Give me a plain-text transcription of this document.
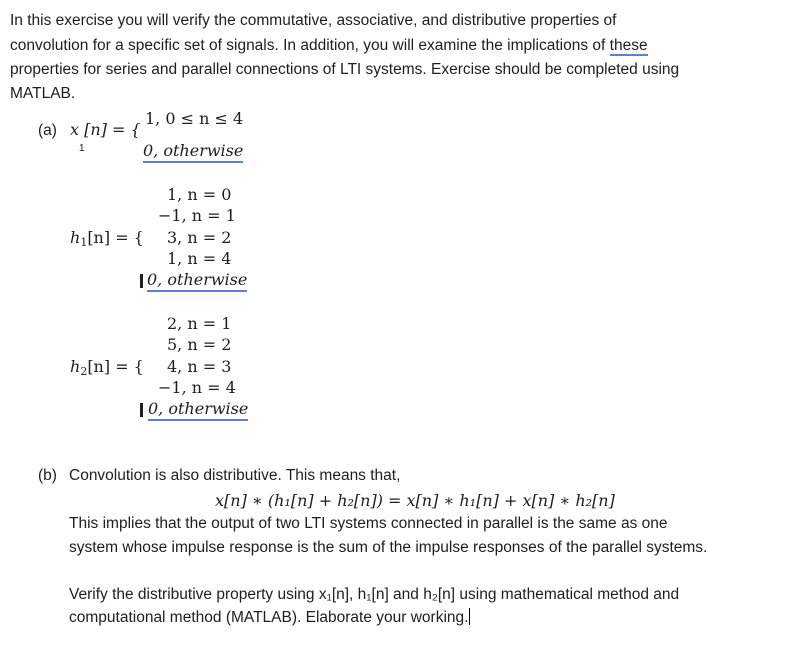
In this exercise you will verify the commutative, associative, and distributive properties of
convolution for a specific set of signals. In addition, you will examine the implications of these
properties for series and parallel connections of LTI systems. Exercise should be completed using
MATLAB.
(a) x [n] = {
1
1, 0 ≤ n ≤ 4
0, otherwise
$h_1[n]$ = {
1, n = 0
−1, n = 1
3, n = 2
1, n = 4
0, otherwise
$h_2[n]$ = {
2, n = 1
5, n = 2
4, n = 3
−1, n = 4
0, otherwise
(b) Convolution is also distributive. This means that,
x[n] ∗ (h₁[n] + h₂[n]) = x[n] ∗ h₁[n] + x[n] ∗ h₂[n]
This implies that the output of two LTI systems connected in parallel is the same as one
system whose impulse response is the sum of the impulse responses of the parallel systems.
Verify the distributive property using x₁[n], h₁[n] and h₂[n] using mathematical method and
computational method (MATLAB). Elaborate your working.
